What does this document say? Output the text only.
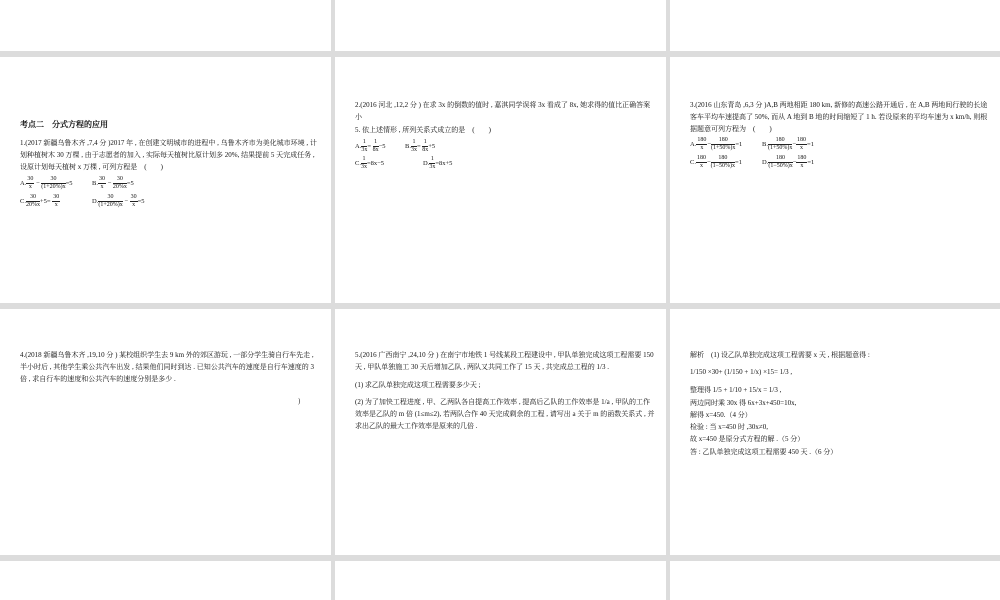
考点二　分式方程的应用
1.(2017 新疆乌鲁木齐 ,7,4 分 )2017 年 , 在创建文明城市的进程中 , 乌鲁木齐市为美化城市环境 , 计划种植树木 30 万棵 , 由于志愿者的加入 , 实际每天植树比原计划多 20%, 结果提前 5 天完成任务 , 设原计划每天植树 x 万棵 , 可列方程是　(　　)
A. $\frac{30}{x} - \frac{30}{(1+20\%)x} =5$	B. $\frac{30}{x} - \frac{30}{20\%x} =5$
C. $\frac{30}{20\%x} +5= \frac{30}{x}$	D. $\frac{30}{(1+20\%)x} - \frac{30}{x} =5$
2.(2016 河北 ,12,2 分 ) 在求 3x 的倒数的值时 , 嘉淇同学误将 3x 看成了 8x, 她求得的值比正确答案小
5. 依上述情形 , 所列关系式成立的是　(　　)
A. $\frac{1}{3x} = \frac{1}{8x} -5$	B. $\frac{1}{3x} = \frac{1}{8x} +5$
C. $\frac{1}{3x} =8x-5$	D. $\frac{1}{3x} =8x+5$
3.(2016 山东青岛 ,6,3 分 )A,B 两地相距 180 km, 新修的高速公路开通后 , 在 A,B 两地间行驶的长途客车平均车速提高了 50%, 而从 A 地到 B 地的时间缩短了 1 h. 若设原来的平均车速为 x km/h, 则根据题意可列方程为　(　　)
A. $\frac{180}{x} - \frac{180}{(1+50\%)x} =1$	B. $\frac{180}{(1+50\%)x} - \frac{180}{x} =1$
C. $\frac{180}{x} - \frac{180}{(1-50\%)x} =1$	D. $\frac{180}{(1-50\%)x} - \frac{180}{x} =1$
4.(2018 新疆乌鲁木齐 ,19,10 分 ) 某校组织学生去 9 km 外的郊区游玩 , 一部分学生骑自行车先走 , 半小时后 , 其他学生乘公共汽车出发 , 结果他们同时到达 . 已知公共汽车的速度是自行车速度的 3 倍 , 求自行车的速度和公共汽车的速度分别是多少 .
)
5.(2016 广西南宁 ,24,10 分 ) 在南宁市地铁 1 号线某段工程建设中 , 甲队单独完成这项工程需要 150 天 , 甲队单独施工 30 天后增加乙队 , 两队又共同工作了 15 天 , 共完成总工程的 1/3 .
(1) 求乙队单独完成这项工程需要多少天 ;
(2) 为了加快工程进度 , 甲、乙两队各自提高工作效率 , 提高后乙队的工作效率是 1/a , 甲队的工作效率是乙队的 m 倍 (1≤m≤2), 若两队合作 40 天完成剩余的工程 , 请写出 a 关于 m 的函数关系式 , 并求出乙队的最大工作效率是原来的几倍 .
解析　(1) 设乙队单独完成这项工程需要 x 天 , 根据题意得 :
1/150 ×30+ (1/150 + 1/x) ×15= 1/3 ,
整理得 1/5 + 1/10 + 15/x = 1/3 ,
两边同时乘 30x 得 6x+3x+450=10x,
解得 x=450.（4 分）
检验 : 当 x=450 时 ,30x≠0,
故 x=450 是原分式方程的解 .（5 分）
答 : 乙队单独完成这项工程需要 450 天 .（6 分）
